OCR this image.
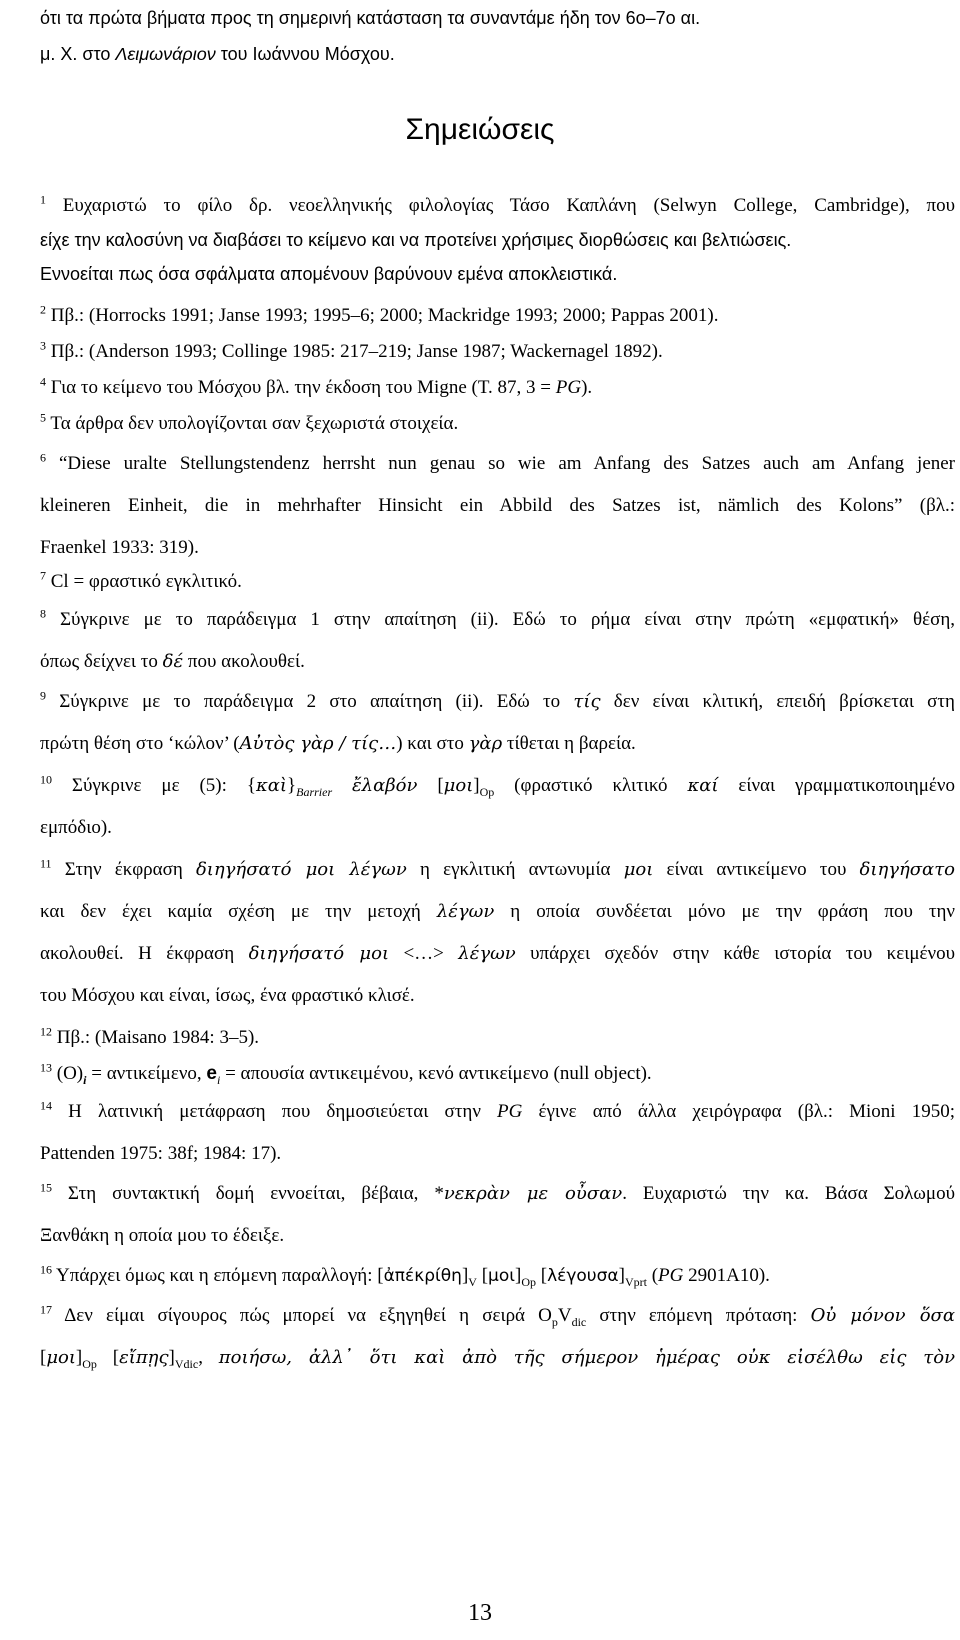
ότι τα πρώτα βήματα προς τη σημερινή κατάσταση τα συναντάμε ήδη τον 6ο–7ο αι.
μ. Χ. στο Λειμωνάριον του Ιωάννου Μόσχου.
Σημειώσεις
$^1$ Ευχαριστώ το φίλο δρ. νεοελληνικής φιλολογίας Τάσο Καπλάνη (Selwyn College, Cambridge), που
είχε την καλοσύνη να διαβάσει το κείμενο και να προτείνει χρήσιμες διορθώσεις και βελτιώσεις.
Εννοείται πως όσα σφάλματα απομένουν βαρύνουν εμένα αποκλειστικά.
$^2$ Πβ.: (Horrocks 1991; Janse 1993; 1995–6; 2000; Mackridge 1993; 2000; Pappas 2001).
$^3$ Πβ.: (Anderson 1993; Collinge 1985: 217–219; Janse 1987; Wackernagel 1892).
$^4$ Για το κείμενο του Μόσχου βλ. την έκδοση του Migne (Τ. 87, 3 = PG).
$^5$ Τα άρθρα δεν υπολογίζονται σαν ξεχωριστά στοιχεία.
$^6$ “Diese uralte Stellungstendenz herrsht nun genau so wie am Anfang des Satzes auch am Anfang jener
kleineren Einheit, die in mehrhafter Hinsicht ein Abbild des Satzes ist, nämlich des Kolons” (βλ.:
Fraenkel 1933: 319).
$^7$ Cl = φραστικό εγκλιτικό.
$^8$ Σύγκρινε με το παράδειγμα 1 στην απαίτηση (ii). Εδώ το ρήμα είναι στην πρώτη «εμφατική» θέση,
όπως δείχνει το δέ που ακολουθεί.
$^9$ Σύγκρινε με το παράδειγμα 2 στο απαίτηση (ii). Εδώ το τίς δεν είναι κλιτική, επειδή βρίσκεται στη
πρώτη θέση στο ‘κώλον’ (Αὐτὸς γὰρ / τίς…) και στο γὰρ τίθεται η βαρεία.
$^{10}$ Σύγκρινε με (5): $\{\kappa\alpha ὶ\}_{Barrier}$ ἔλαβόν $[\mu o\iota]_{Op}$ (φραστικό κλιτικό καί είναι γραμματικοποιημένο
εμπόδιο).
$^{11}$ Στην έκφραση διηγήσατό μοι λέγων η εγκλιτική αντωνυμία μοι είναι αντικείμενο του διηγήσατο
και δεν έχει καμία σχέση με την μετοχή λέγων η οποία συνδέεται μόνο με την φράση που την
ακολουθεί. Η έκφραση διηγήσατό μοι <…> λέγων υπάρχει σχεδόν στην κάθε ιστορία του κειμένου
του Μόσχου και είναι, ίσως, ένα φραστικό κλισέ.
$^{12}$ Πβ.: (Maisano 1984: 3–5).
$^{13}$ $(O)_i = \alpha\nu\tau\iota\kappa\varepsilon ί\mu\varepsilon\nu o$, $e_i = \alpha\pi o\upsilon\sigma ί\alpha$ αντικειμένου, κενό αντικείμενο (null object).
$^{14}$ Η λατινική μετάφραση που δημοσιεύεται στην PG έγινε από άλλα χειρόγραφα (βλ.: Mioni 1950;
Pattenden 1975: 38f; 1984: 17).
$^{15}$ Στη συντακτική δομή εννοείται, βέβαια, *νεκρὰν με οὖσαν. Ευχαριστώ την κα. Βάσα Σολωμού
Ξανθάκη η οποία μου το έδειξε.
$^{16}$ Υπάρχει όμως και η επόμενη παραλλογή: $[ἀ\pi έ\kappa\rho ί\theta\eta]_V$ $[\mu o\iota]_{Op}$ $[\lambda έ\gamma o\upsilon\sigma\alpha]_{Vprt}$ (PG 2901A10).
$^{17}$ Δεν είμαι σίγουρος πώς μπορεί να εξηγηθεί η σειρά $O_pV_{dic}$ στην επόμενη πρόταση: Οὐ μόνον ὅσα
$[\mu o\iota]_{Op}$ $[\varepsilon ἴ\pi ῃ\varsigma]_{Vdic}$, ποιήσω, ἀλλ᾽ ὅτι καὶ ἀπὸ τῆς σήμερον ἡμέρας οὐκ εἰσέλθω εἰς τὸν
13
